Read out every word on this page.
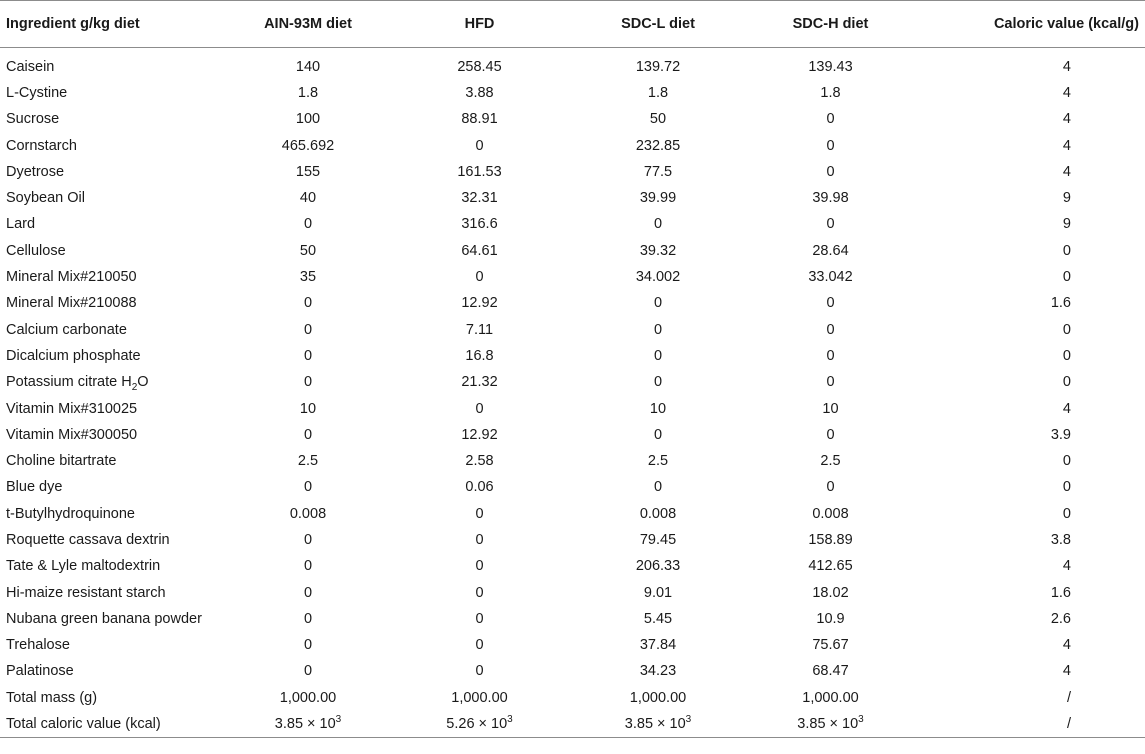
Ingredient g/kg diet	AIN-93M diet	HFD	SDC-L diet	SDC-H diet	Caloric value (kcal/g)

Caisein	140	258.45	139.72	139.43	4
L-Cystine	1.8	3.88	1.8	1.8	4
Sucrose	100	88.91	50	0	4
Cornstarch	465.692	0	232.85	0	4
Dyetrose	155	161.53	77.5	0	4
Soybean Oil	40	32.31	39.99	39.98	9
Lard	0	316.6	0	0	9
Cellulose	50	64.61	39.32	28.64	0
Mineral Mix#210050	35	0	34.002	33.042	0
Mineral Mix#210088	0	12.92	0	0	1.6
Calcium carbonate	0	7.11	0	0	0
Dicalcium phosphate	0	16.8	0	0	0
Potassium citrate $H_2O$	0	21.32	0	0	0
Vitamin Mix#310025	10	0	10	10	4
Vitamin Mix#300050	0	12.92	0	0	3.9
Choline bitartrate	2.5	2.58	2.5	2.5	0
Blue dye	0	0.06	0	0	0
t-Butylhydroquinone	0.008	0	0.008	0.008	0
Roquette cassava dextrin	0	0	79.45	158.89	3.8
Tate & Lyle maltodextrin	0	0	206.33	412.65	4
Hi-maize resistant starch	0	0	9.01	18.02	1.6
Nubana green banana powder	0	0	5.45	10.9	2.6
Trehalose	0	0	37.84	75.67	4
Palatinose	0	0	34.23	68.47	4
Total mass (g)	1,000.00	1,000.00	1,000.00	1,000.00	/
Total caloric value (kcal)	$3.85 \times 10^3$	$5.26 \times 10^3$	$3.85 \times 10^3$	$3.85 \times 10^3$	/
